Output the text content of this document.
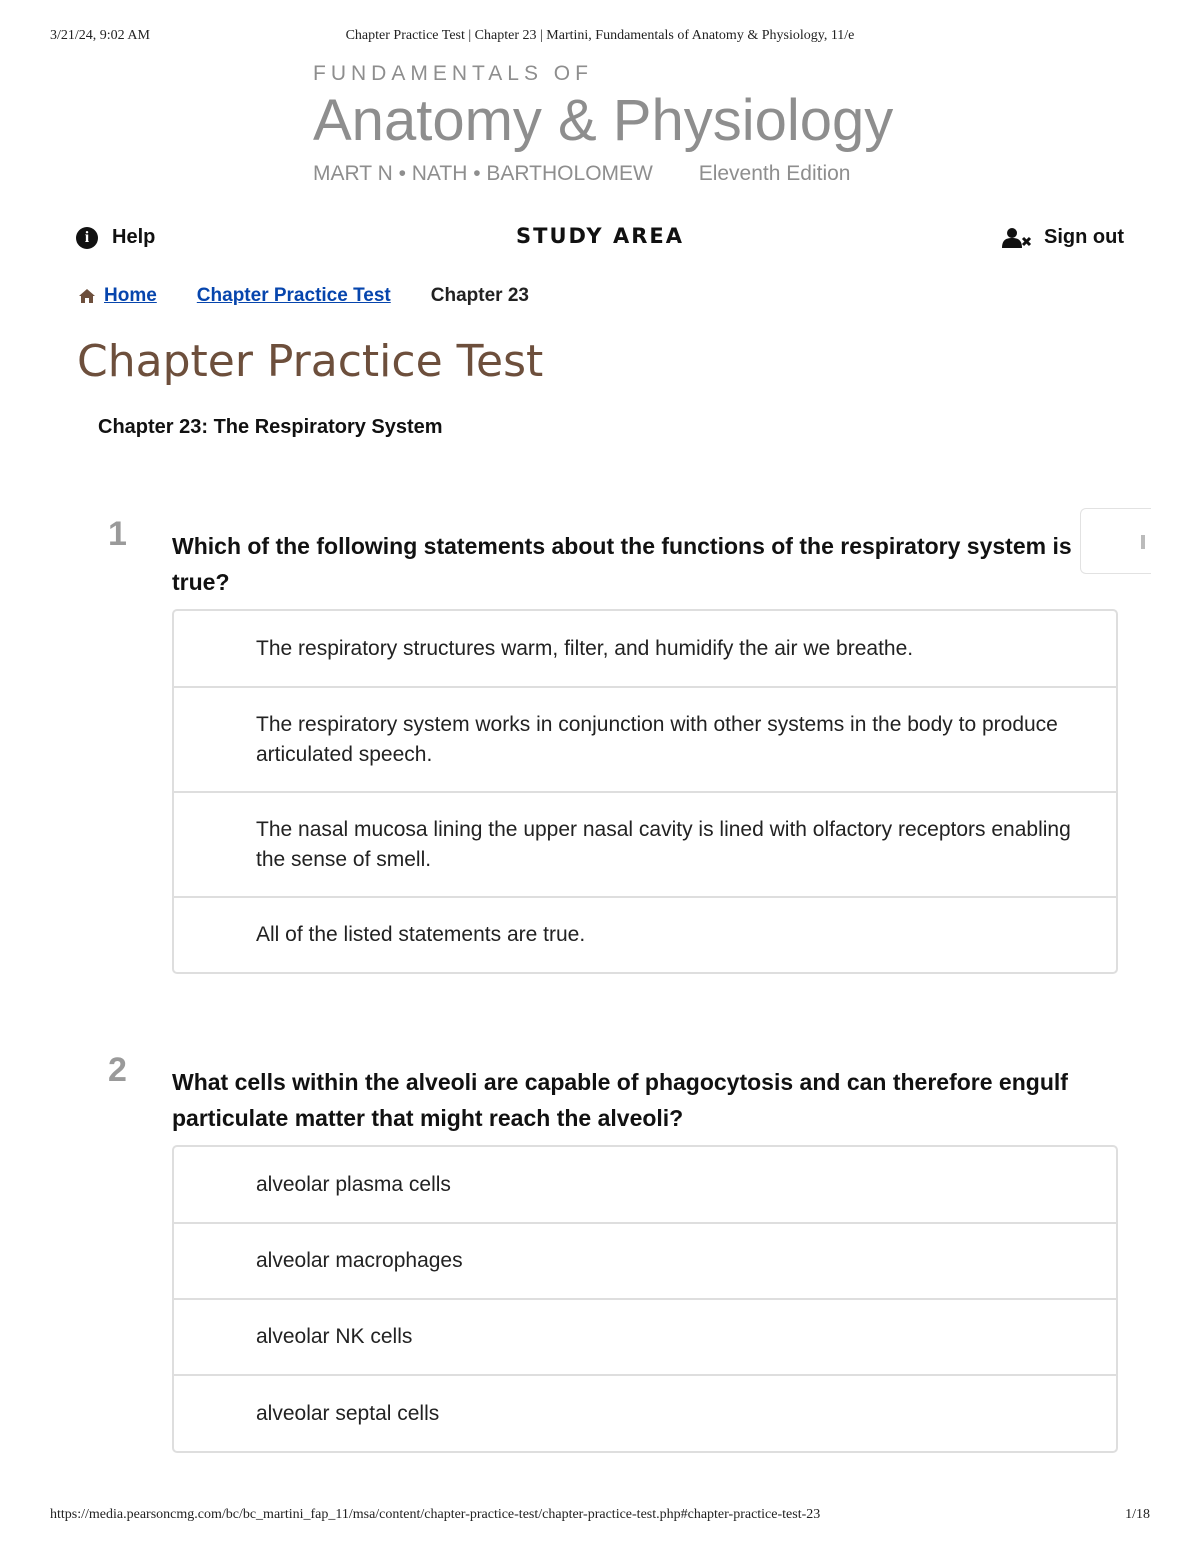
3/21/24, 9:02 AM	Chapter Practice Test | Chapter 23 | Martini, Fundamentals of Anatomy & Physiology, 11/e
FUNDAMENTALS OF
Anatomy & Physiology
MART N • NATH • BARTHOLOMEW Eleventh Edition
i	Help	STUDY AREA	Sign out
Home Chapter Practice Test Chapter 23
Chapter Practice Test
Chapter 23: The Respiratory System
1 Which of the following statements about the functions of the respiratory system is true?
The respiratory structures warm, filter, and humidify the air we breathe.
The respiratory system works in conjunction with other systems in the body to produce articulated speech.
The nasal mucosa lining the upper nasal cavity is lined with olfactory receptors enabling the sense of smell.
All of the listed statements are true.
2 What cells within the alveoli are capable of phagocytosis and can therefore engulf particulate matter that might reach the alveoli?
alveolar plasma cells
alveolar macrophages
alveolar NK cells
alveolar septal cells
https://media.pearsoncmg.com/bc/bc_martini_fap_11/msa/content/chapter-practice-test/chapter-practice-test.php#chapter-practice-test-23	1/18
